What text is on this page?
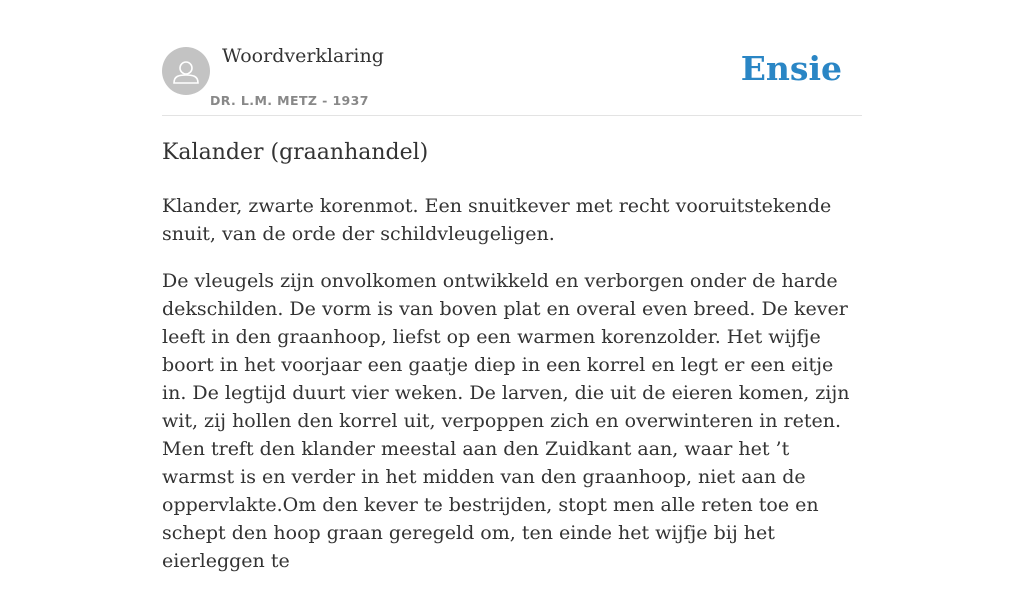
Woordverklaring
DR. L.M. METZ - 1937
Ensie
Kalander (graanhandel)

Klander, zwarte korenmot. Een snuitkever met recht vooruitstekende snuit, van de orde der schildvleugeligen.

De vleugels zijn onvolkomen ontwikkeld en verborgen onder de harde dekschilden. De vorm is van boven plat en overal even breed. De kever leeft in den graanhoop, liefst op een warmen korenzolder. Het wijfje boort in het voorjaar een gaatje diep in een korrel en legt er een eitje in. De legtijd duurt vier weken. De larven, die uit de eieren komen, zijn wit, zij hollen den korrel uit, verpoppen zich en overwinteren in reten. Men treft den klander meestal aan den Zuidkant aan, waar het ’t warmst is en verder in het midden van den graanhoop, niet aan de oppervlakte.Om den kever te bestrijden, stopt men alle reten toe en schept den hoop graan geregeld om, ten einde het wijfje bij het eierleggen te
